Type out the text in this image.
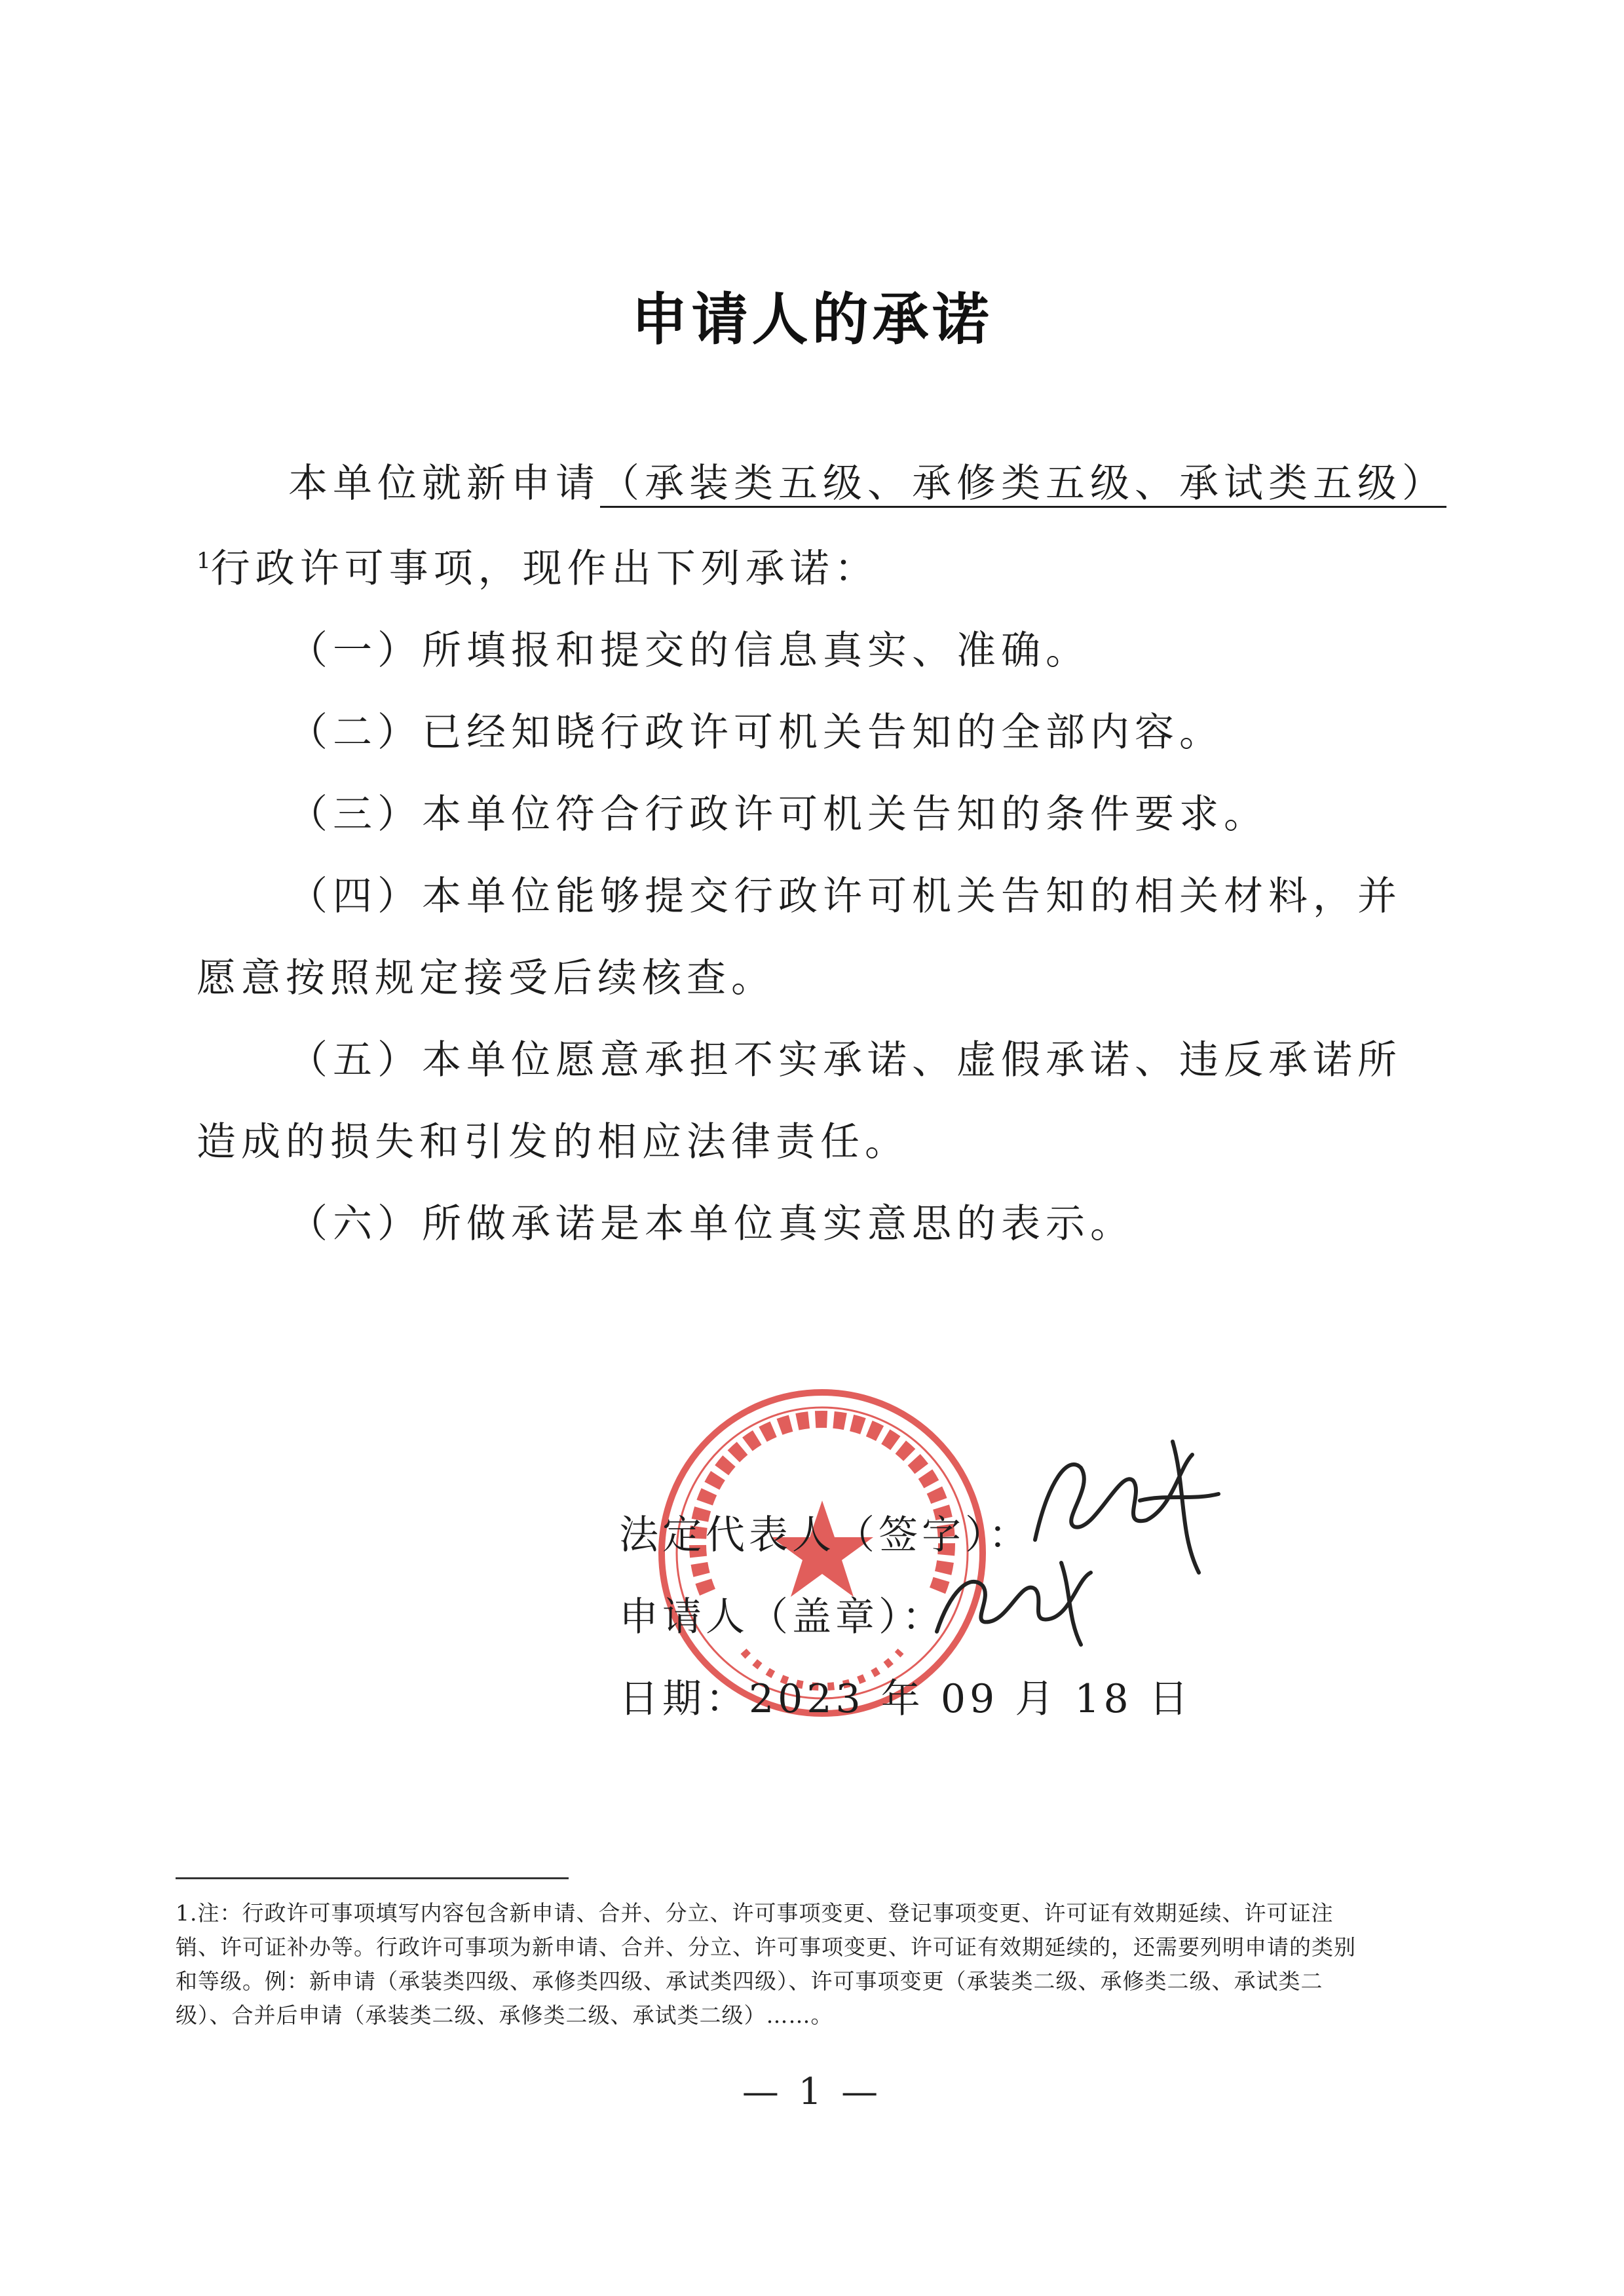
申请人的承诺
本单位就新申请（承装类五级、承修类五级、承试类五级）
$^1$行政许可事项，现作出下列承诺：
（一）所填报和提交的信息真实、准确。
（二）已经知晓行政许可机关告知的全部内容。
（三）本单位符合行政许可机关告知的条件要求。
（四）本单位能够提交行政许可机关告知的相关材料，并
愿意按照规定接受后续核查。
（五）本单位愿意承担不实承诺、虚假承诺、违反承诺所
造成的损失和引发的相应法律责任。
（六）所做承诺是本单位真实意思的表示。
法定代表人（签字）：
申请人（盖章）：
日期：2023 年 09 月 18 日
1.注：行政许可事项填写内容包含新申请、合并、分立、许可事项变更、登记事项变更、许可证有效期延续、许可证注销、许可证补办等。行政许可事项为新申请、合并、分立、许可事项变更、许可证有效期延续的，还需要列明申请的类别和等级。例：新申请（承装类四级、承修类四级、承试类四级）、许可事项变更（承装类二级、承修类二级、承试类二级）、合并后申请（承装类二级、承修类二级、承试类二级）……。
— 1 —
